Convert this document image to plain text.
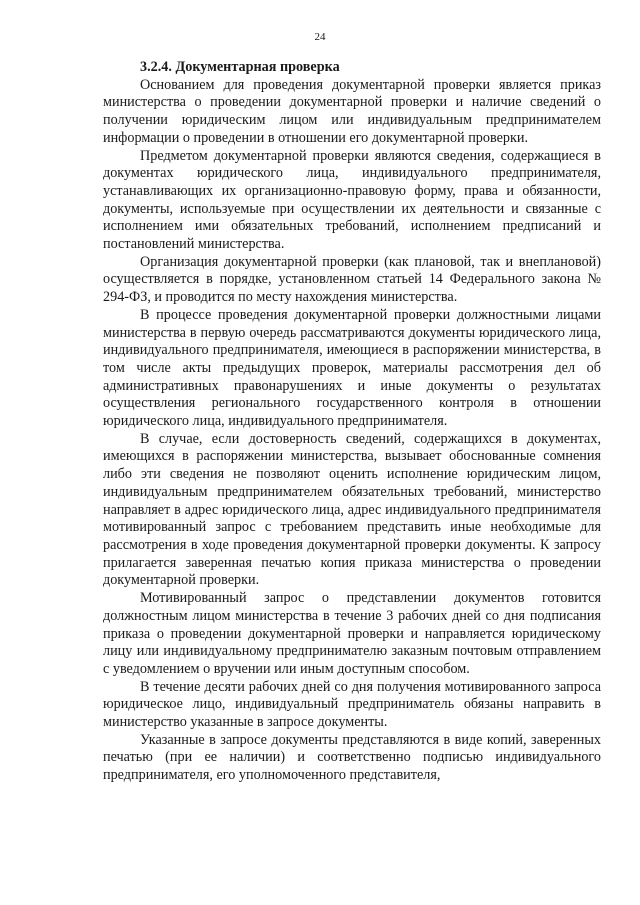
24

3.2.4. Документарная проверка

Основанием для проведения документарной проверки является приказ министерства о проведении документарной проверки и наличие сведений о получении юридическим лицом или индивидуальным предпринимателем информации о проведении в отношении его документарной проверки.

Предметом документарной проверки являются сведения, содержащиеся в документах юридического лица, индивидуального предпринимателя, устанавливающих их организационно-правовую форму, права и обязанности, документы, используемые при осуществлении их деятельности и связанные с исполнением ими обязательных требований, исполнением предписаний и постановлений министерства.

Организация документарной проверки (как плановой, так и внеплановой) осуществляется в порядке, установленном статьей 14 Федерального закона № 294-ФЗ, и проводится по месту нахождения министерства.

В процессе проведения документарной проверки должностными лицами министерства в первую очередь рассматриваются документы юридического лица, индивидуального предпринимателя, имеющиеся в распоряжении министерства, в том числе акты предыдущих проверок, материалы рассмотрения дел об административных правонарушениях и иные документы о результатах осуществления регионального государственного контроля в отношении юридического лица, индивидуального предпринимателя.

В случае, если достоверность сведений, содержащихся в документах, имеющихся в распоряжении министерства, вызывает обоснованные сомнения либо эти сведения не позволяют оценить исполнение юридическим лицом, индивидуальным предпринимателем обязательных требований, министерство направляет в адрес юридического лица, адрес индивидуального предпринимателя мотивированный запрос с требованием представить иные необходимые для рассмотрения в ходе проведения документарной проверки документы. К запросу прилагается заверенная печатью копия приказа министерства о проведении документарной проверки.

Мотивированный запрос о представлении документов готовится должностным лицом министерства в течение 3 рабочих дней со дня подписания приказа о проведении документарной проверки и направляется юридическому лицу или индивидуальному предпринимателю заказным почтовым отправлением с уведомлением о вручении или иным доступным способом.

В течение десяти рабочих дней со дня получения мотивированного запроса юридическое лицо, индивидуальный предприниматель обязаны направить в министерство указанные в запросе документы.

Указанные в запросе документы представляются в виде копий, заверенных печатью (при ее наличии) и соответственно подписью индивидуального предпринимателя, его уполномоченного представителя,
